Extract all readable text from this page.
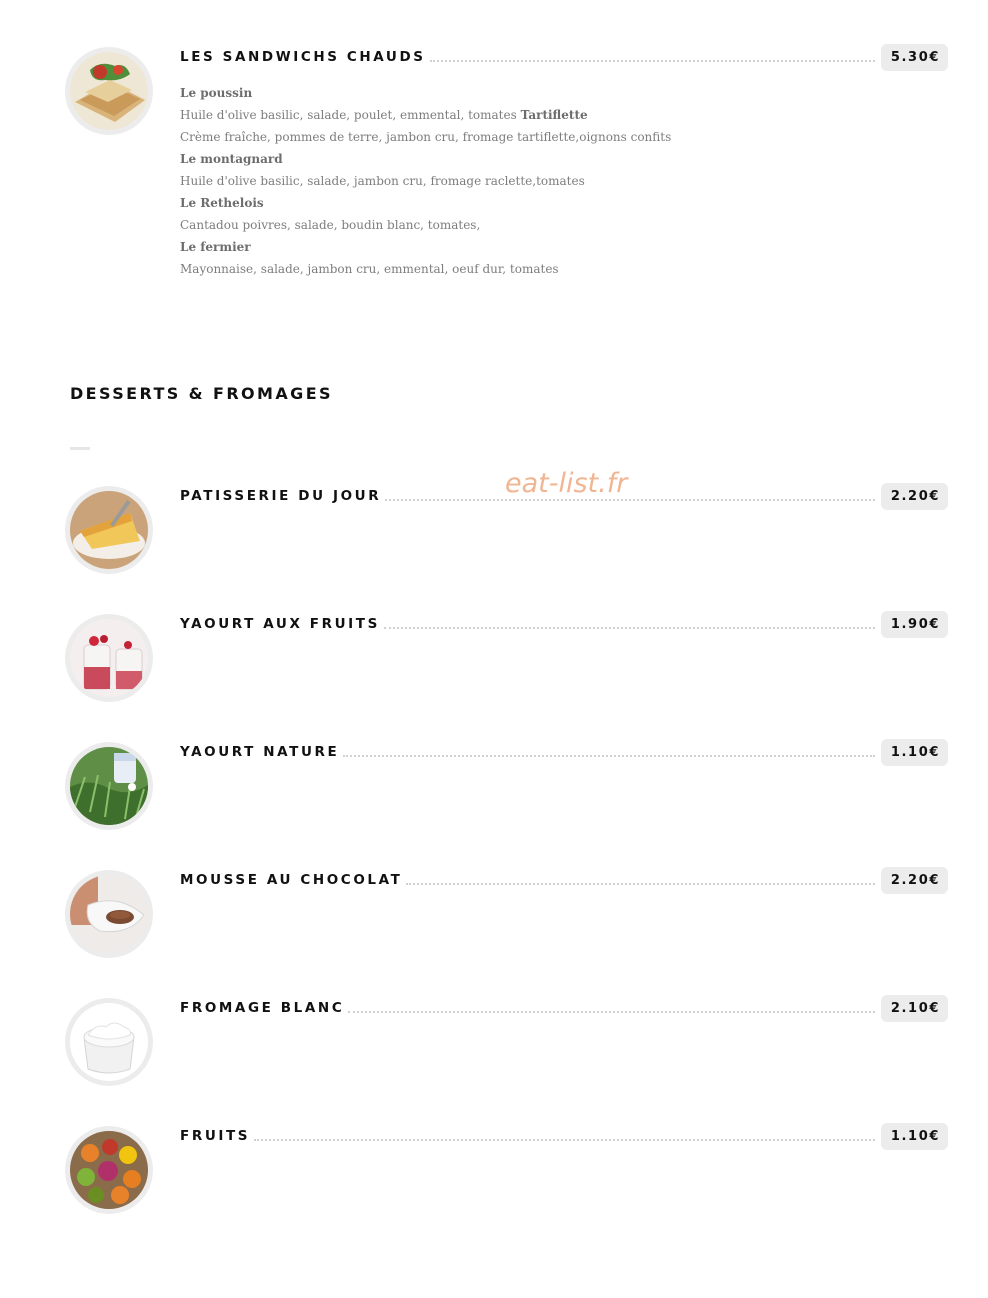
LES SANDWICHS CHAUDS	5.30€
Le poussin
Huile d'olive basilic, salade, poulet, emmental, tomates Tartiflette
Crème fraîche, pommes de terre, jambon cru, fromage tartiflette,oignons confits
Le montagnard
Huile d'olive basilic, salade, jambon cru, fromage raclette,tomates
Le Rethelois
Cantadou poivres, salade, boudin blanc, tomates,
Le fermier
Mayonnaise, salade, jambon cru, emmental, oeuf dur, tomates
DESSERTS & FROMAGES
eat-list.fr
PATISSERIE DU JOUR	2.20€
YAOURT AUX FRUITS	1.90€
YAOURT NATURE	1.10€
MOUSSE AU CHOCOLAT	2.20€
FROMAGE BLANC	2.10€
FRUITS	1.10€
